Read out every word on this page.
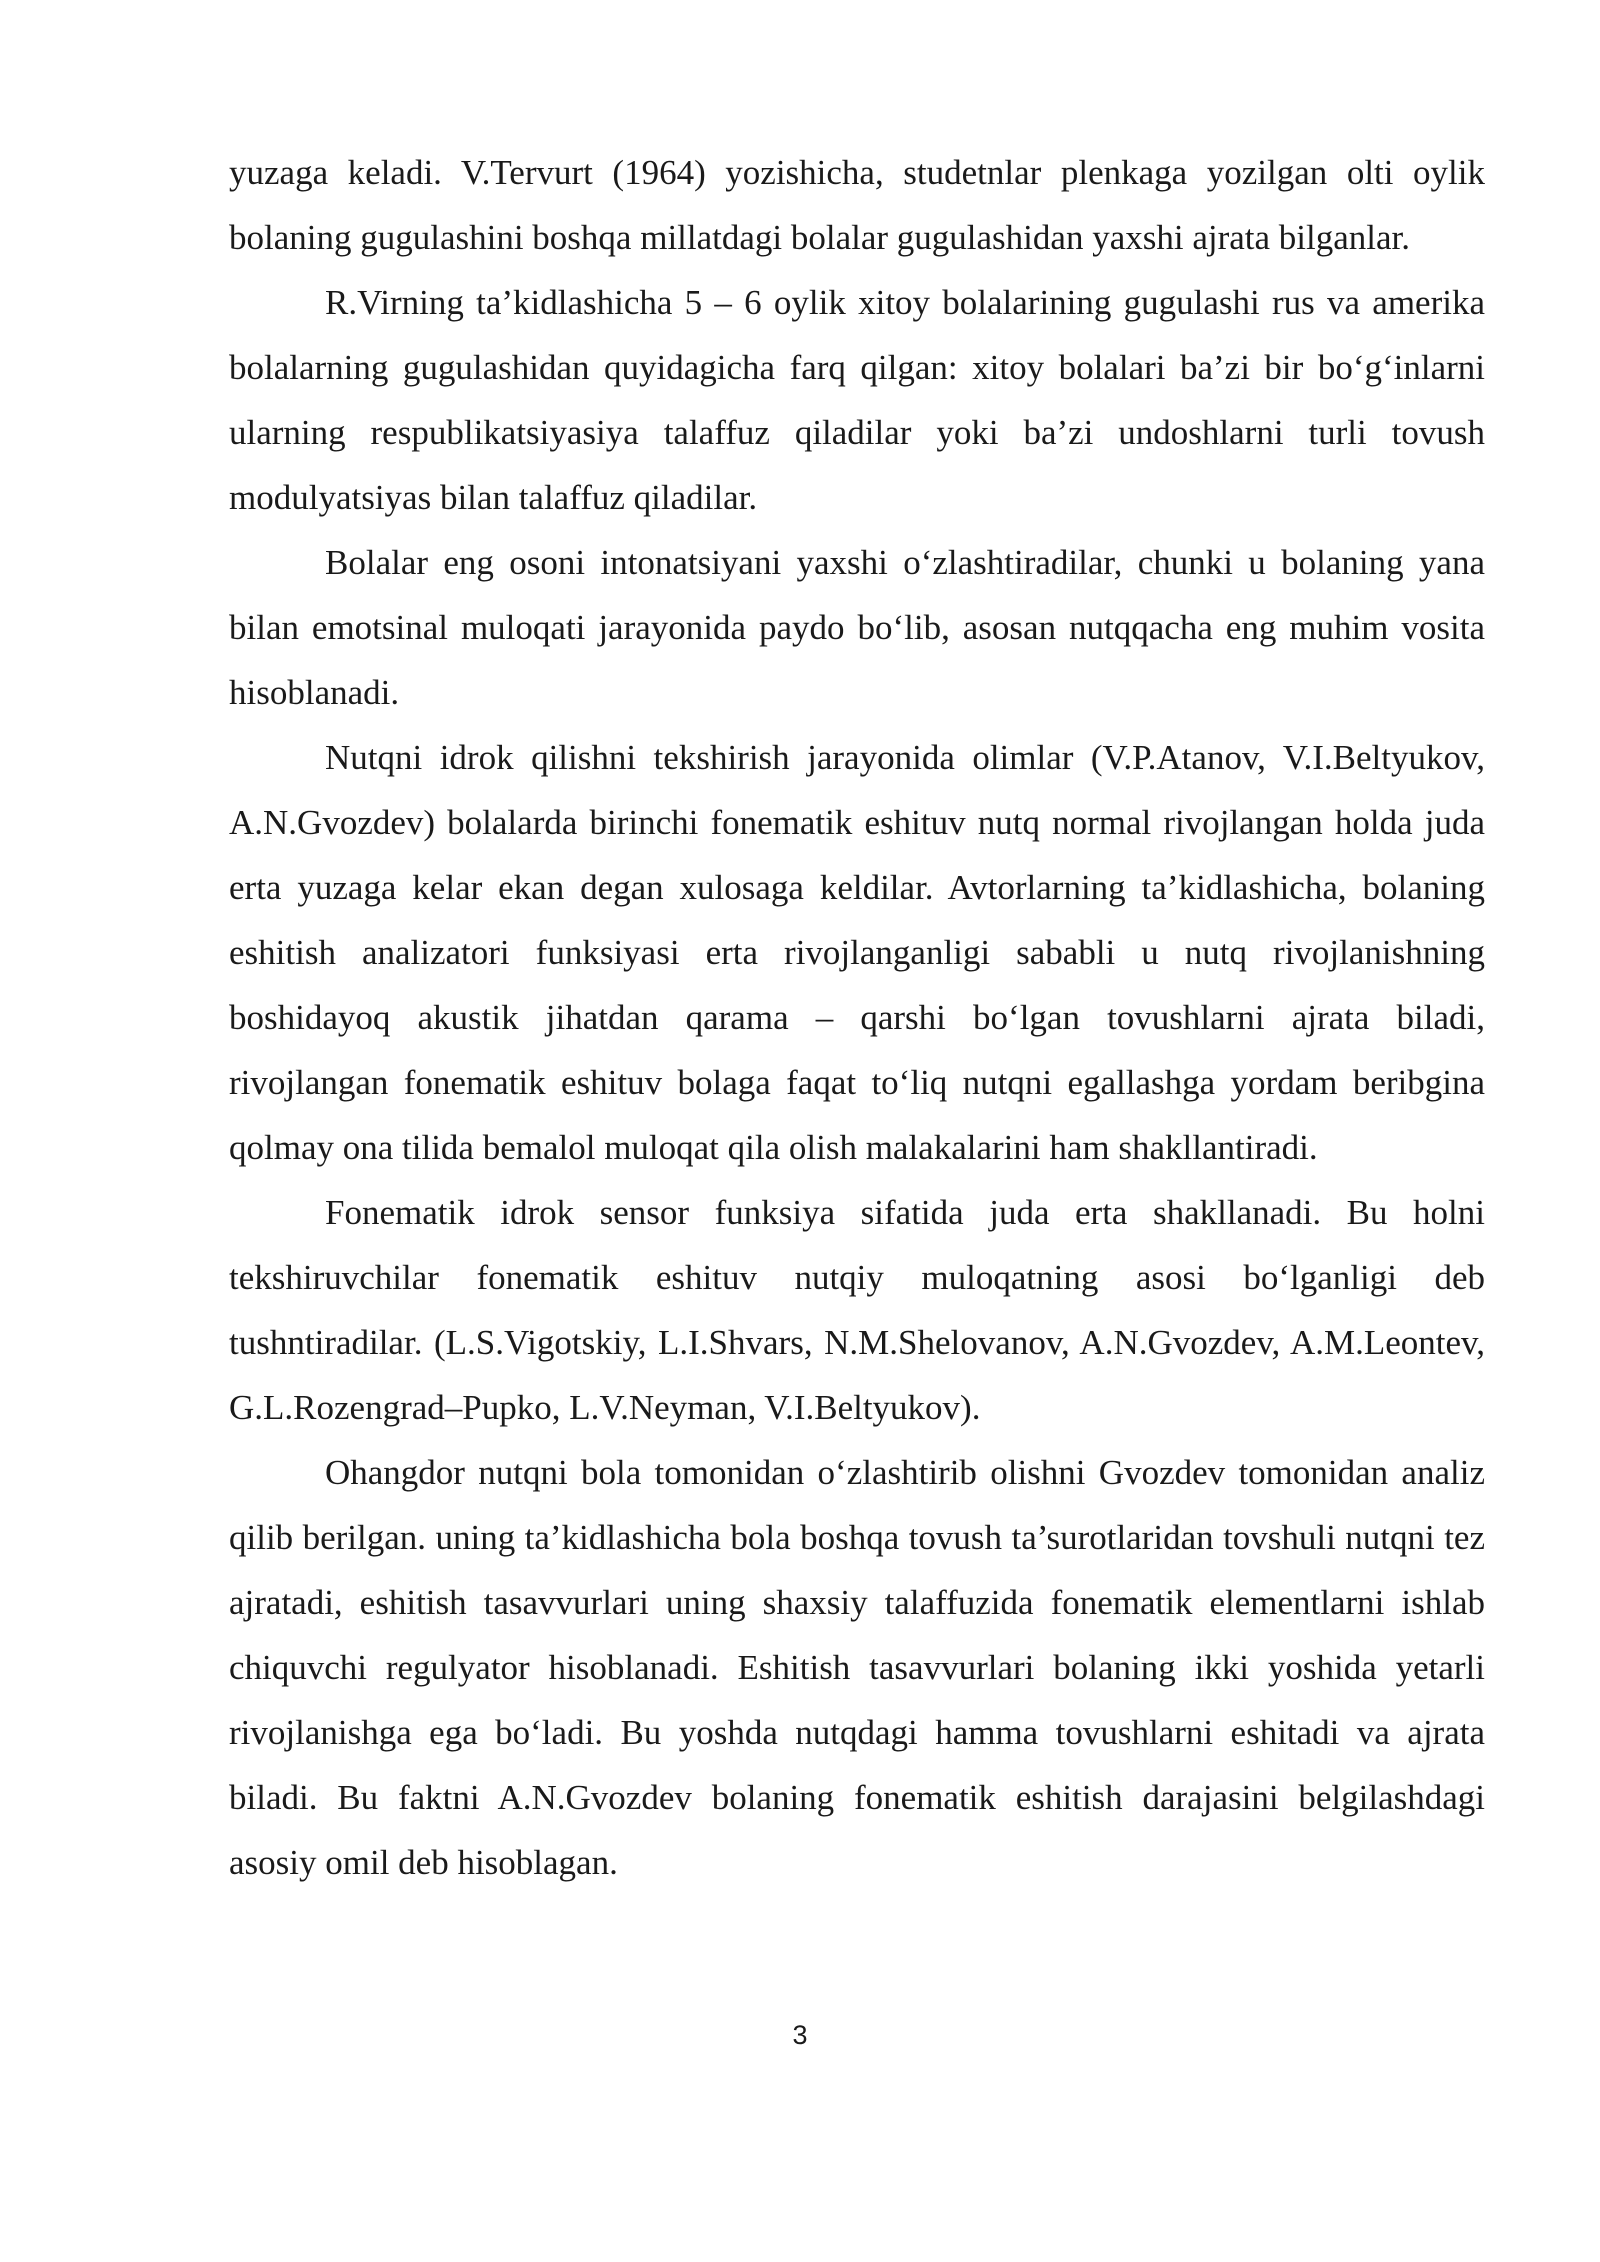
yuzaga keladi. V.Tervurt (1964) yozishicha, studetnlar plenkaga yozilgan olti oylik bolaning gugulashini boshqa millatdagi bolalar gugulashidan yaxshi ajrata bilganlar.

R.Virning ta’kidlashicha 5 – 6 oylik xitoy bolalarining gugulashi rus va amerika bolalarning gugulashidan quyidagicha farq qilgan: xitoy bolalari ba’zi bir bo‘g‘inlarni ularning respublikatsiyasiya talaffuz qiladilar yoki ba’zi undoshlarni turli tovush modulyatsiyas bilan talaffuz qiladilar.

Bolalar eng osoni intonatsiyani yaxshi o‘zlashtiradilar, chunki u bolaning yana bilan emotsinal muloqati jarayonida paydo bo‘lib, asosan nutqqacha eng muhim vosita hisoblanadi.

Nutqni idrok qilishni tekshirish jarayonida olimlar (V.P.Atanov, V.I.Beltyukov, A.N.Gvozdev) bolalarda birinchi fonematik eshituv nutq normal rivojlangan holda juda erta yuzaga kelar ekan degan xulosaga keldilar. Avtorlarning ta’kidlashicha, bolaning eshitish analizatori funksiyasi erta rivojlanganligi sababli u nutq rivojlanishning boshidayoq akustik jihatdan qarama – qarshi bo‘lgan tovushlarni ajrata biladi, rivojlangan fonematik eshituv bolaga faqat to‘liq nutqni egallashga yordam beribgina qolmay ona tilida bemalol muloqat qila olish malakalarini ham shakllantiradi.

Fonematik idrok sensor funksiya sifatida juda erta shakllanadi. Bu holni tekshiruvchilar fonematik eshituv nutqiy muloqatning asosi bo‘lganligi deb tushntiradilar. (L.S.Vigotskiy, L.I.Shvars, N.M.Shelovanov, A.N.Gvozdev, A.M.Leontev, G.L.Rozengrad–Pupko, L.V.Neyman, V.I.Beltyukov).

Ohangdor nutqni bola tomonidan o‘zlashtirib olishni Gvozdev tomonidan analiz qilib berilgan. uning ta’kidlashicha bola boshqa tovush ta’surotlaridan tovshuli nutqni tez ajratadi, eshitish tasavvurlari uning shaxsiy talaffuzida fonematik elementlarni ishlab chiquvchi regulyator hisoblanadi. Eshitish tasavvurlari bolaning ikki yoshida yetarli rivojlanishga ega bo‘ladi. Bu yoshda nutqdagi hamma tovushlarni eshitadi va ajrata biladi. Bu faktni A.N.Gvozdev bolaning fonematik eshitish darajasini belgilashdagi asosiy omil deb hisoblagan.

3
